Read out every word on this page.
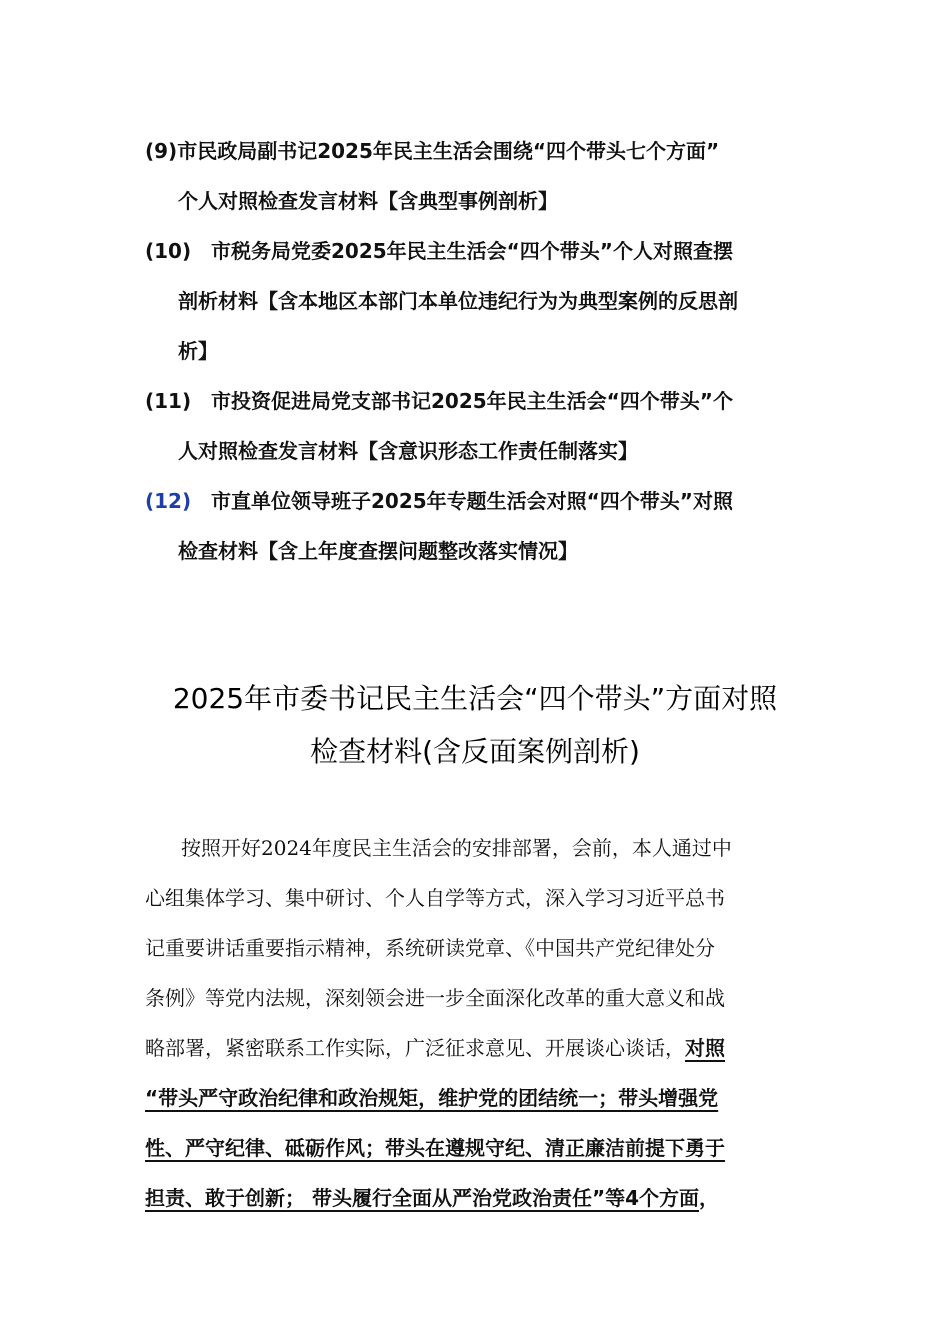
(9)市民政局副书记2025年民主生活会围绕“四个带头七个方面”
个人对照检查发言材料【含典型事例剖析】
(10) 市税务局党委2025年民主生活会“四个带头”个人对照查摆
剖析材料【含本地区本部门本单位违纪行为为典型案例的反思剖
析】
(11) 市投资促进局党支部书记2025年民主生活会“四个带头”个
人对照检查发言材料【含意识形态工作责任制落实】
(12) 市直单位领导班子2025年专题生活会对照“四个带头”对照
检查材料【含上年度查摆问题整改落实情况】
2025年市委书记民主生活会“四个带头”方面对照
检查材料(含反面案例剖析)
按照开好2024年度民主生活会的安排部署，会前，本人通过中
心组集体学习、集中研讨、个人自学等方式，深入学习习近平总书
记重要讲话重要指示精神，系统研读党章、《中国共产党纪律处分
条例》等党内法规，深刻领会进一步全面深化改革的重大意义和战
略部署，紧密联系工作实际，广泛征求意见、开展谈心谈话，对照
“带头严守政治纪律和政治规矩，维护党的团结统一；带头增强党
性、严守纪律、砥砺作风；带头在遵规守纪、清正廉洁前提下勇于
担责、敢于创新； 带头履行全面从严治党政治责任”等4个方面，
